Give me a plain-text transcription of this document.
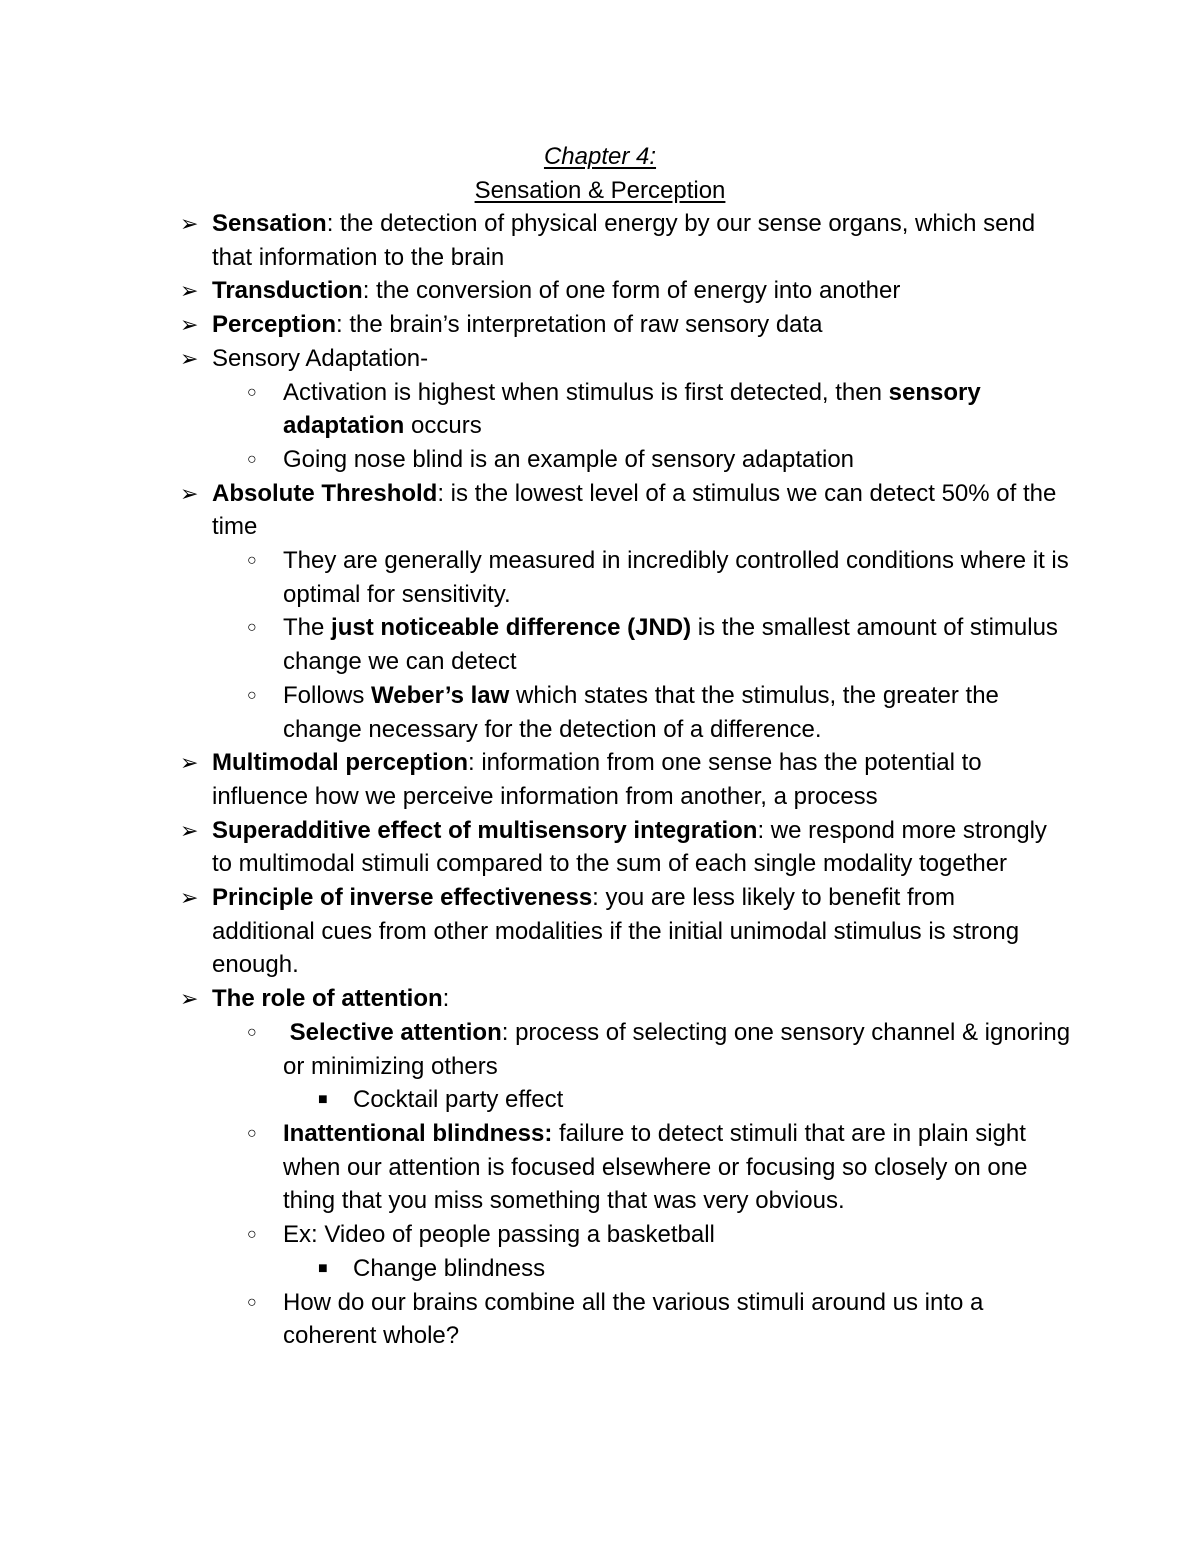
Chapter 4:
Sensation & Perception
➢ Sensation: the detection of physical energy by our sense organs, which send that information to the brain
➢ Transduction: the conversion of one form of energy into another
➢ Perception: the brain’s interpretation of raw sensory data
➢ Sensory Adaptation-
○ Activation is highest when stimulus is first detected, then sensory adaptation occurs
○ Going nose blind is an example of sensory adaptation
➢ Absolute Threshold: is the lowest level of a stimulus we can detect 50% of the time
○ They are generally measured in incredibly controlled conditions where it is optimal for sensitivity.
○ The just noticeable difference (JND) is the smallest amount of stimulus change we can detect
○ Follows Weber’s law which states that the stimulus, the greater the change necessary for the detection of a difference.
➢ Multimodal perception: information from one sense has the potential to influence how we perceive information from another, a process
➢ Superadditive effect of multisensory integration: we respond more strongly to multimodal stimuli compared to the sum of each single modality together
➢ Principle of inverse effectiveness: you are less likely to benefit from additional cues from other modalities if the initial unimodal stimulus is strong enough.
➢ The role of attention:
○ Selective attention: process of selecting one sensory channel & ignoring or minimizing others
■ Cocktail party effect
○ Inattentional blindness: failure to detect stimuli that are in plain sight when our attention is focused elsewhere or focusing so closely on one thing that you miss something that was very obvious.
○ Ex: Video of people passing a basketball
■ Change blindness
○ How do our brains combine all the various stimuli around us into a coherent whole?
